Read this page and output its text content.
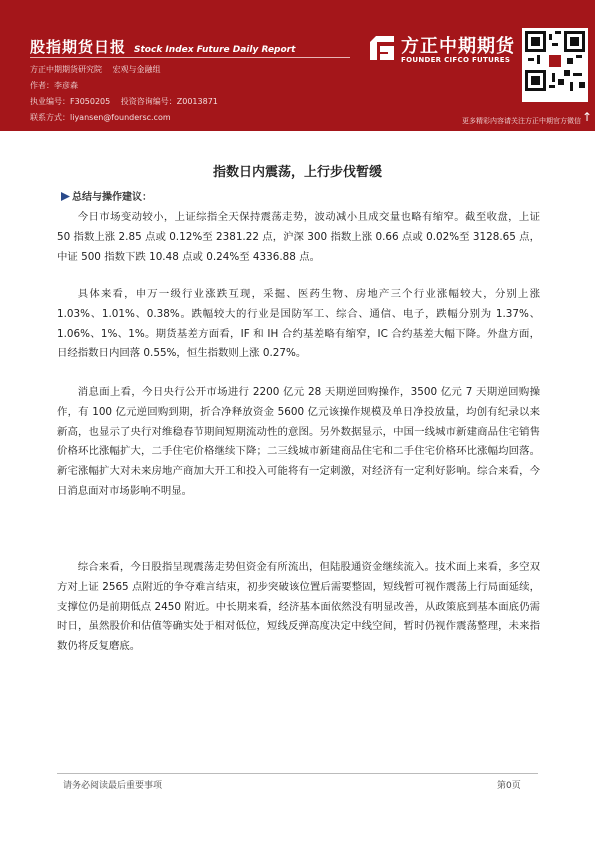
股指期货日报 Stock Index Future Daily Report
方正中期期货研究院　 宏观与金融组
作者：李彦森
执业编号：F3050205　 投资咨询编号：Z0013871
联系方式：liyansen@foundersc.com
方正中期期货
FOUNDER CIFCO FUTURES
更多精彩内容请关注方正中期官方微信 ↑
指数日内震荡，上行步伐暂缓
总结与操作建议：

今日市场变动较小，上证综指全天保持震荡走势，波动减小且成交量也略有缩窄。截至收盘，上证 50 指数上涨 2.85 点或 0.12%至 2381.22 点，沪深 300 指数上涨 0.66 点或 0.02%至 3128.65 点，中证 500 指数下跌 10.48 点或 0.24%至 4336.88 点。

具体来看，申万一级行业涨跌互现，采掘、医药生物、房地产三个行业涨幅较大，分别上涨 1.03%、1.01%、0.38%。跌幅较大的行业是国防军工、综合、通信、电子，跌幅分别为 1.37%、1.06%、1%、1%。期货基差方面看，IF 和 IH 合约基差略有缩窄，IC 合约基差大幅下降。外盘方面，日经指数日内回落 0.55%，恒生指数则上涨 0.27%。

消息面上看，今日央行公开市场进行 2200 亿元 28 天期逆回购操作，3500 亿元 7 天期逆回购操作，有 100 亿元逆回购到期，折合净释放资金 5600 亿元该操作规模及单日净投放量，均创有纪录以来新高，也显示了央行对维稳春节期间短期流动性的意图。另外数据显示，中国一线城市新建商品住宅销售价格环比涨幅扩大，二手住宅价格继续下降；二三线城市新建商品住宅和二手住宅价格环比涨幅均回落。新宅涨幅扩大对未来房地产商加大开工和投入可能将有一定刺激，对经济有一定利好影响。综合来看，今日消息面对市场影响不明显。

综合来看，今日股指呈现震荡走势但资金有所流出，但陆股通资金继续流入。技术面上来看，多空双方对上证 2565 点附近的争夺难言结束，初步突破该位置后需要整固，短线暂可视作震荡上行局面延续，支撑位仍是前期低点 2450 附近。中长期来看，经济基本面依然没有明显改善，从政策底到基本面底仍需时日，虽然股价和估值等确实处于相对低位，短线反弹高度决定中线空间，暂时仍视作震荡整理，未来指数仍将反复磨底。

请务必阅读最后重要事项	第0页
